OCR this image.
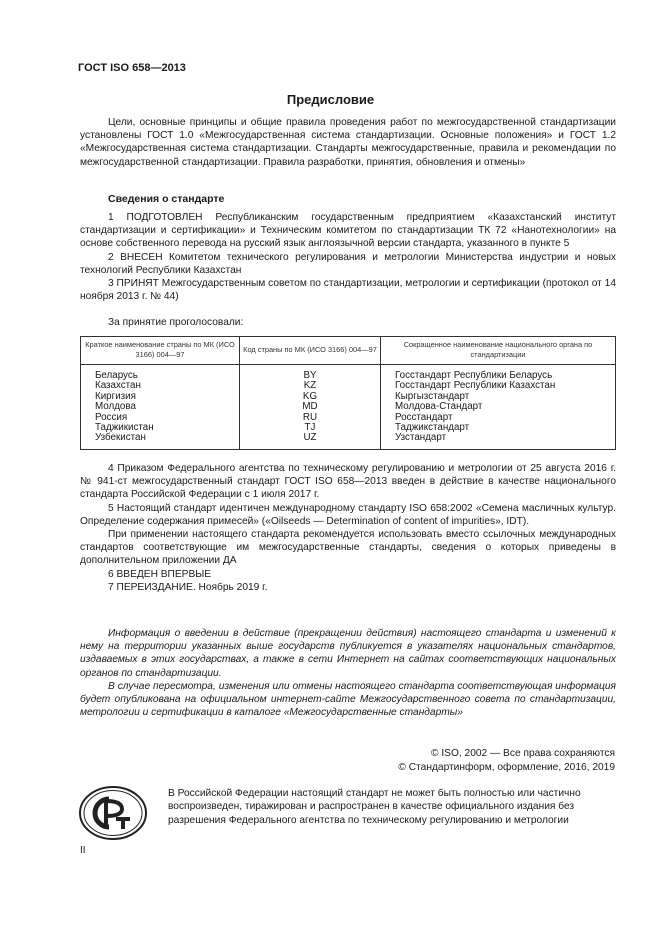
ГОСТ ISO 658—2013
Предисловие
Цели, основные принципы и общие правила проведения работ по межгосударственной стандартизации установлены ГОСТ 1.0 «Межгосударственная система стандартизации. Основные положения» и ГОСТ 1.2 «Межгосударственная система стандартизации. Стандарты межгосударственные, правила и рекомендации по межгосударственной стандартизации. Правила разработки, принятия, обновления и отмены»
Сведения о стандарте

1 ПОДГОТОВЛЕН Республиканским государственным предприятием «Казахстанский институт стандартизации и сертификации» и Техническим комитетом по стандартизации ТК 72 «Нанотехнологии» на основе собственного перевода на русский язык англоязычной версии стандарта, указанного в пункте 5

2 ВНЕСЕН Комитетом технического регулирования и метрологии Министерства индустрии и новых технологий Республики Казахстан

3 ПРИНЯТ Межгосударственным советом по стандартизации, метрологии и сертификации (протокол от 14 ноября 2013 г. № 44)

За принятие проголосовали:
Краткое наименование страны по МК (ИСО 3166) 004—97	Код страны по МК (ИСО 3166) 004—97	Сокращенное наименование национального органа по стандартизации
Беларусь	BY	Госстандарт Республики Беларусь
Казахстан	KZ	Госстандарт Республики Казахстан
Киргизия	KG	Кыргызстандарт
Молдова	MD	Молдова-Стандарт
Россия	RU	Росстандарт
Таджикистан	TJ	Таджикстандарт
Узбекистан	UZ	Узстандарт

4 Приказом Федерального агентства по техническому регулированию и метрологии от 25 августа 2016 г. № 941-ст межгосударственный стандарт ГОСТ ISO 658—2013 введен в действие в качестве национального стандарта Российской Федерации с 1 июля 2017 г.

5 Настоящий стандарт идентичен международному стандарту ISO 658:2002 «Семена масличных культур. Определение содержания примесей» («Oilseeds — Determination of content of impurities», IDT).

При применении настоящего стандарта рекомендуется использовать вместо ссылочных международных стандартов соответствующие им межгосударственные стандарты, сведения о которых приведены в дополнительном приложении ДА

6 ВВЕДЕН ВПЕРВЫЕ

7 ПЕРЕИЗДАНИЕ. Ноябрь 2019 г.

Информация о введении в действие (прекращении действия) настоящего стандарта и изменений к нему на территории указанных выше государств публикуется в указателях национальных стандартов, издаваемых в этих государствах, а также в сети Интернет на сайтах соответствующих национальных органов по стандартизации.

В случае пересмотра, изменения или отмены настоящего стандарта соответствующая информация будет опубликована на официальном интернет-сайте Межгосударственного совета по стандартизации, метрологии и сертификации в каталоге «Межгосударственные стандарты»

© ISO, 2002 — Все права сохраняются
© Стандартинформ, оформление, 2016, 2019
В Российской Федерации настоящий стандарт не может быть полностью или частично воспроизведен, тиражирован и распространен в качестве официального издания без разрешения Федерального агентства по техническому регулированию и метрологии
II
